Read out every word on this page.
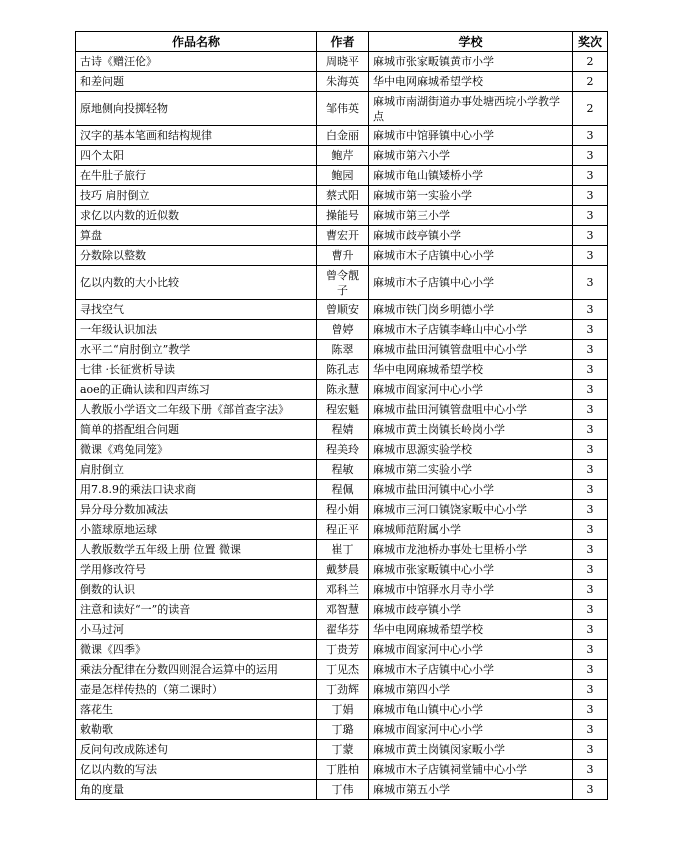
作品名称	作者	学校	奖次
古诗《赠汪伦》	周晓平	麻城市张家畈镇黄市小学	2
和差问题	朱海英	华中电网麻城希望学校	2
原地侧向投掷轻物	邹伟英	麻城市南湖街道办事处塘西垸小学教学点	2
汉字的基本笔画和结构规律	白金丽	麻城市中馆驿镇中心小学	3
四个太阳	鲍芹	麻城市第六小学	3
在牛肚子旅行	鲍园	麻城市龟山镇矮桥小学	3
技巧 肩肘倒立	蔡式阳	麻城市第一实验小学	3
求亿以内数的近似数	操能号	麻城市第三小学	3
算盘	曹宏开	麻城市歧亭镇小学	3
分数除以整数	曹升	麻城市木子店镇中心小学	3
亿以内数的大小比较	曾令靓子	麻城市木子店镇中心小学	3
寻找空气	曾顺安	麻城市铁门岗乡明德小学	3
一年级认识加法	曾婷	麻城市木子店镇李峰山中心小学	3
水平二“肩肘倒立”教学	陈翠	麻城市盐田河镇管盘咀中心小学	3
七律 ·长征赏析导读	陈孔志	华中电网麻城希望学校	3
aoe的正确认读和四声练习	陈永慧	麻城市阎家河中心小学	3
人教版小学语文二年级下册《部首查字法》	程宏魁	麻城市盐田河镇管盘咀中心小学	3
简单的搭配组合问题	程婧	麻城市黄土岗镇长岭岗小学	3
微课《鸡兔同笼》	程美玲	麻城市思源实验学校	3
肩肘倒立	程敏	麻城市第二实验小学	3
用7.8.9的乘法口诀求商	程佩	麻城市盐田河镇中心小学	3
异分母分数加减法	程小娟	麻城市三河口镇饶家畈中心小学	3
小篮球原地运球	程正平	麻城师范附属小学	3
人教版数学五年级上册 位置 微课	崔丁	麻城市龙池桥办事处七里桥小学	3
学用修改符号	戴梦晨	麻城市张家畈镇中心小学	3
倒数的认识	邓科兰	麻城市中馆驿水月寺小学	3
注意和读好“一”的读音	邓智慧	麻城市歧亭镇小学	3
小马过河	翟华芬	华中电网麻城希望学校	3
微课《四季》	丁贵芳	麻城市阎家河中心小学	3
乘法分配律在分数四则混合运算中的运用	丁见杰	麻城市木子店镇中心小学	3
壶是怎样传热的（第二课时）	丁劲辉	麻城市第四小学	3
落花生	丁娟	麻城市龟山镇中心小学	3
敕勒歌	丁璐	麻城市阎家河中心小学	3
反问句改成陈述句	丁蒙	麻城市黄土岗镇闵家畈小学	3
亿以内数的写法	丁胜柏	麻城市木子店镇祠堂铺中心小学	3
角的度量	丁伟	麻城市第五小学	3
